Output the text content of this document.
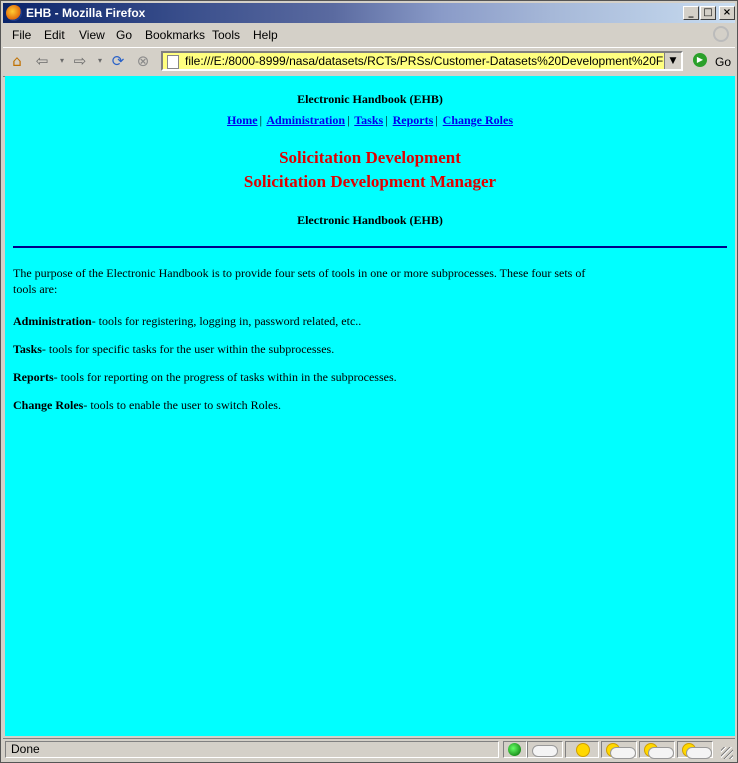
EHB - Mozilla Firefox	_ □	×
File Edit View Go Bookmarks Tools Help
⌂ ⇦	▾ ⇨	▾ ⟳ ⊗
file:///E:/8000-8999/nasa/datasets/RCTs/PRSs/Customer-Datasets%20Development%20Facility%	▼	▶ Go
Electronic Handbook (EHB)
Home | Administration | Tasks | Reports | Change Roles
Solicitation Development
Solicitation Development Manager
Electronic Handbook (EHB)
The purpose of the Electronic Handbook is to provide four sets of tools in one or more subprocesses. These four sets of tools are:
Administration- tools for registering, logging in, password related, etc..
Tasks- tools for specific tasks for the user within the subprocesses.
Reports- tools for reporting on the progress of tasks within in the subprocesses.
Change Roles- tools to enable the user to switch Roles.
Done
